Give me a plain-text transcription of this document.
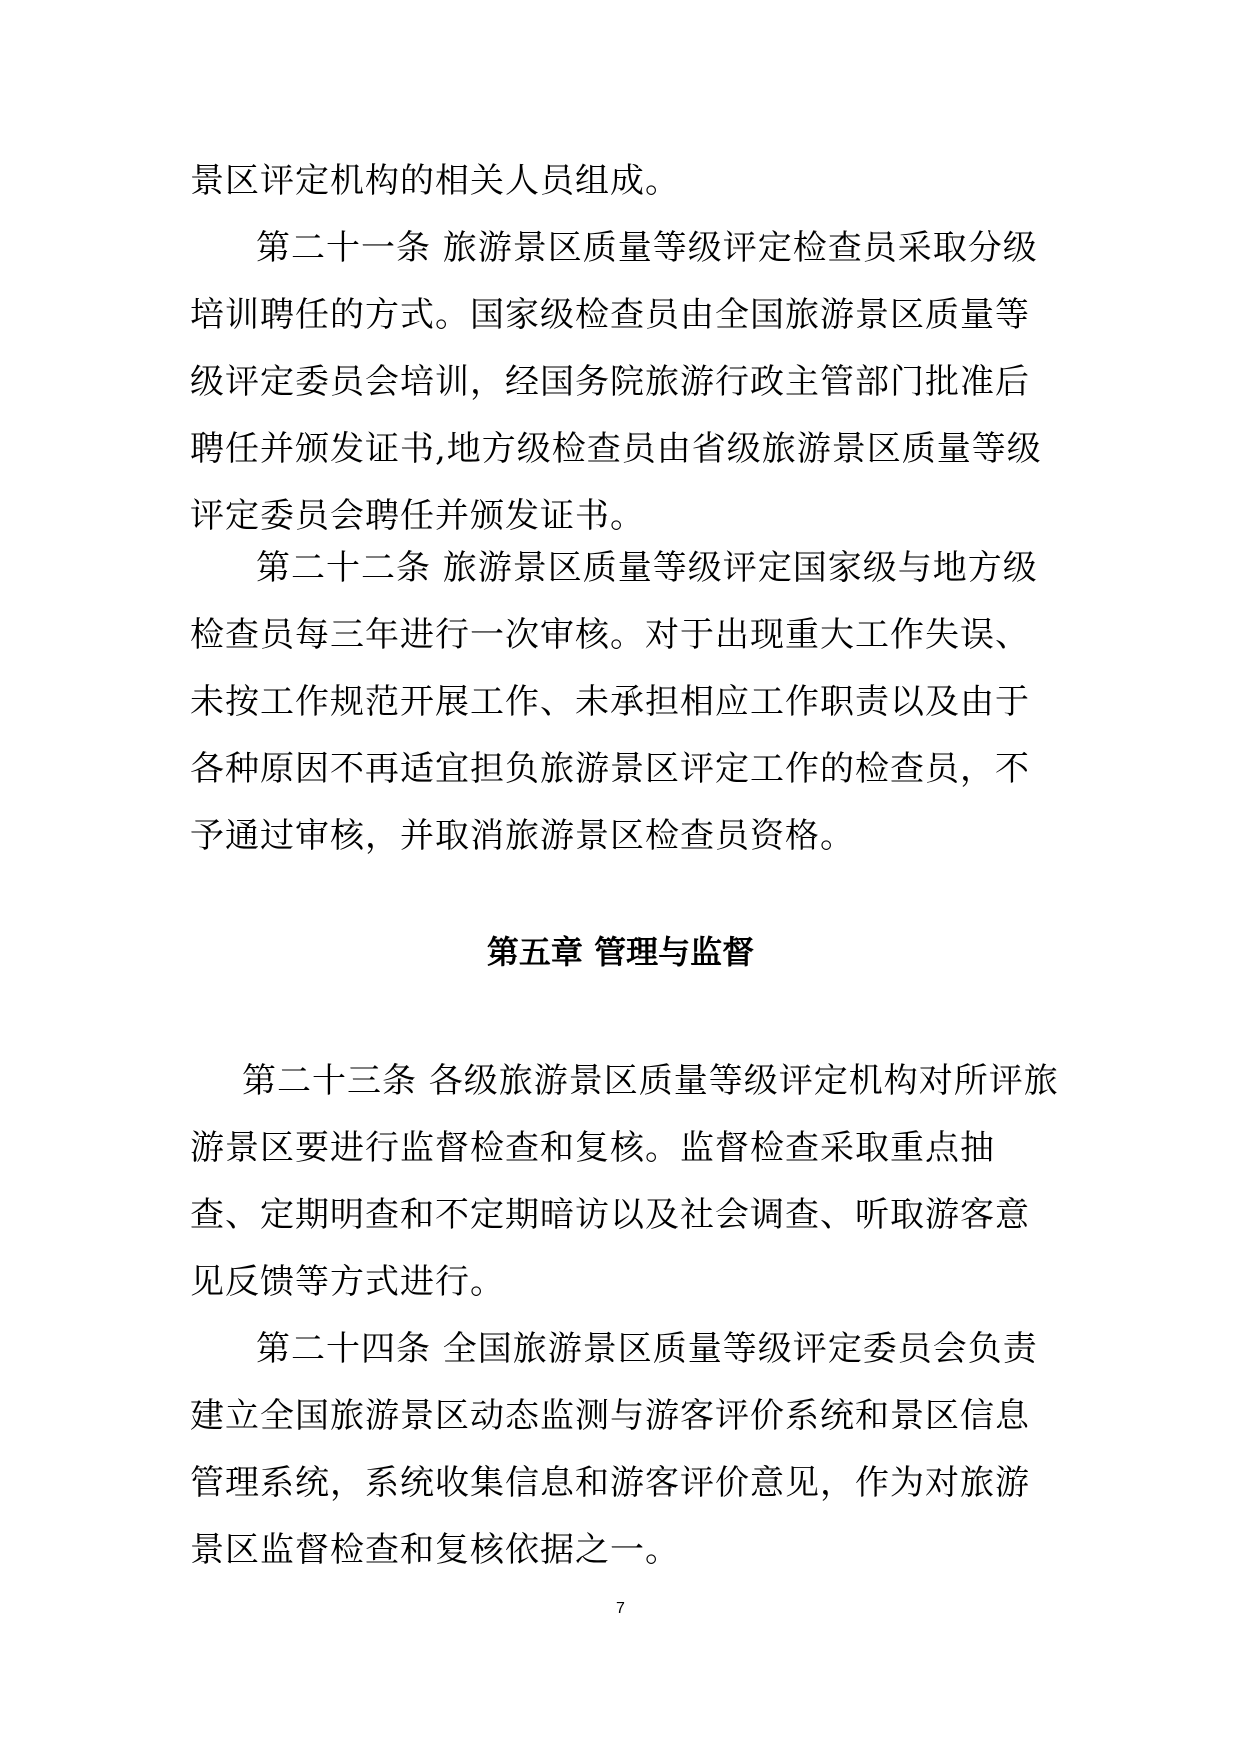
景区评定机构的相关人员组成。

第二十一条 旅游景区质量等级评定检查员采取分级培训聘任的方式。国家级检查员由全国旅游景区质量等级评定委员会培训，经国务院旅游行政主管部门批准后聘任并颁发证书,地方级检查员由省级旅游景区质量等级评定委员会聘任并颁发证书。

第二十二条 旅游景区质量等级评定国家级与地方级检查员每三年进行一次审核。对于出现重大工作失误、未按工作规范开展工作、未承担相应工作职责以及由于各种原因不再适宜担负旅游景区评定工作的检查员，不予通过审核，并取消旅游景区检查员资格。

第五章 管理与监督

第二十三条 各级旅游景区质量等级评定机构对所评旅游景区要进行监督检查和复核。监督检查采取重点抽查、定期明查和不定期暗访以及社会调查、听取游客意见反馈等方式进行。

第二十四条 全国旅游景区质量等级评定委员会负责建立全国旅游景区动态监测与游客评价系统和景区信息管理系统，系统收集信息和游客评价意见，作为对旅游景区监督检查和复核依据之一。

7
